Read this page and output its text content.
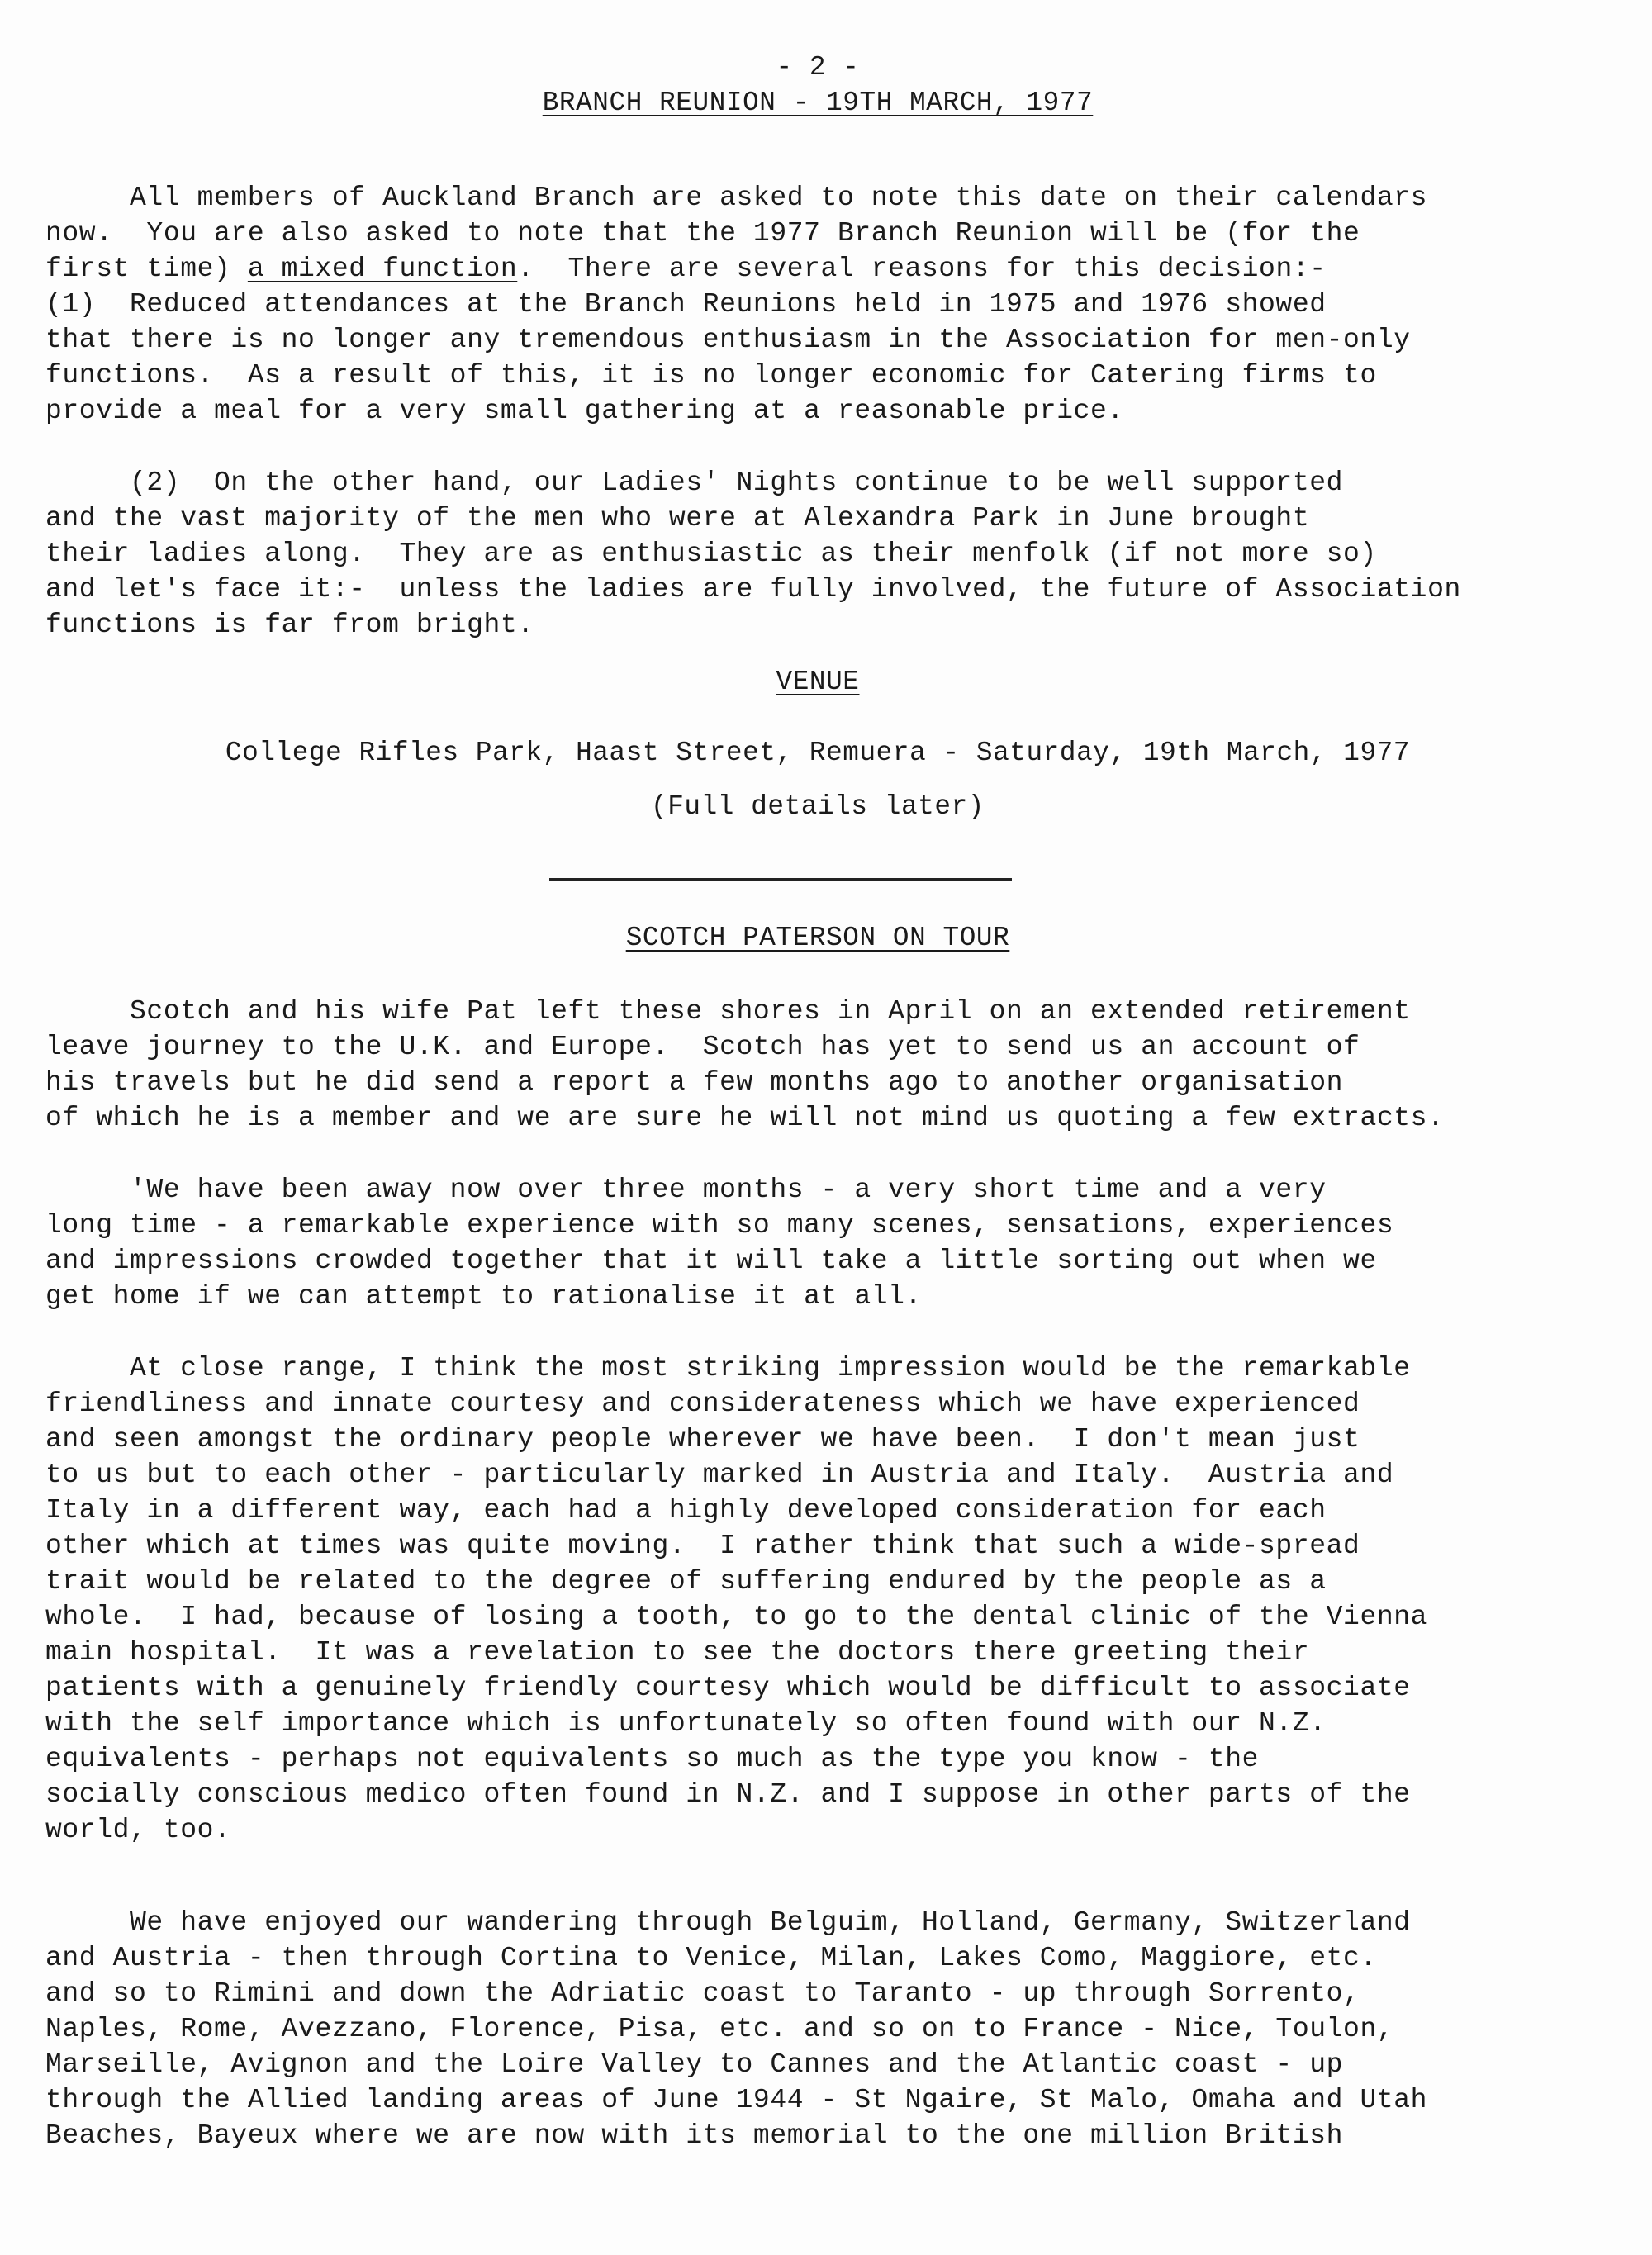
- 2 -
BRANCH REUNION - 19TH MARCH, 1977
All members of Auckland Branch are asked to note this date on their calendars
now.  You are also asked to note that the 1977 Branch Reunion will be (for the
first time) a mixed function.  There are several reasons for this decision:-
(1)  Reduced attendances at the Branch Reunions held in 1975 and 1976 showed
that there is no longer any tremendous enthusiasm in the Association for men-only
functions.  As a result of this, it is no longer economic for Catering firms to
provide a meal for a very small gathering at a reasonable price.
(2)  On the other hand, our Ladies' Nights continue to be well supported
and the vast majority of the men who were at Alexandra Park in June brought
their ladies along.  They are as enthusiastic as their menfolk (if not more so)
and let's face it:-  unless the ladies are fully involved, the future of Association
functions is far from bright.
VENUE
College Rifles Park, Haast Street, Remuera - Saturday, 19th March, 1977
(Full details later)
SCOTCH PATERSON ON TOUR
Scotch and his wife Pat left these shores in April on an extended retirement
leave journey to the U.K. and Europe.  Scotch has yet to send us an account of
his travels but he did send a report a few months ago to another organisation
of which he is a member and we are sure he will not mind us quoting a few extracts.
'We have been away now over three months - a very short time and a very
long time - a remarkable experience with so many scenes, sensations, experiences
and impressions crowded together that it will take a little sorting out when we
get home if we can attempt to rationalise it at all.
At close range, I think the most striking impression would be the remarkable
friendliness and innate courtesy and considerateness which we have experienced
and seen amongst the ordinary people wherever we have been.  I don't mean just
to us but to each other - particularly marked in Austria and Italy.  Austria and
Italy in a different way, each had a highly developed consideration for each
other which at times was quite moving.  I rather think that such a wide-spread
trait would be related to the degree of suffering endured by the people as a
whole.  I had, because of losing a tooth, to go to the dental clinic of the Vienna
main hospital.  It was a revelation to see the doctors there greeting their
patients with a genuinely friendly courtesy which would be difficult to associate
with the self importance which is unfortunately so often found with our N.Z.
equivalents - perhaps not equivalents so much as the type you know - the
socially conscious medico often found in N.Z. and I suppose in other parts of the
world, too.
We have enjoyed our wandering through Belguim, Holland, Germany, Switzerland
and Austria - then through Cortina to Venice, Milan, Lakes Como, Maggiore, etc.
and so to Rimini and down the Adriatic coast to Taranto - up through Sorrento,
Naples, Rome, Avezzano, Florence, Pisa, etc. and so on to France - Nice, Toulon,
Marseille, Avignon and the Loire Valley to Cannes and the Atlantic coast - up
through the Allied landing areas of June 1944 - St Ngaire, St Malo, Omaha and Utah
Beaches, Bayeux where we are now with its memorial to the one million British
